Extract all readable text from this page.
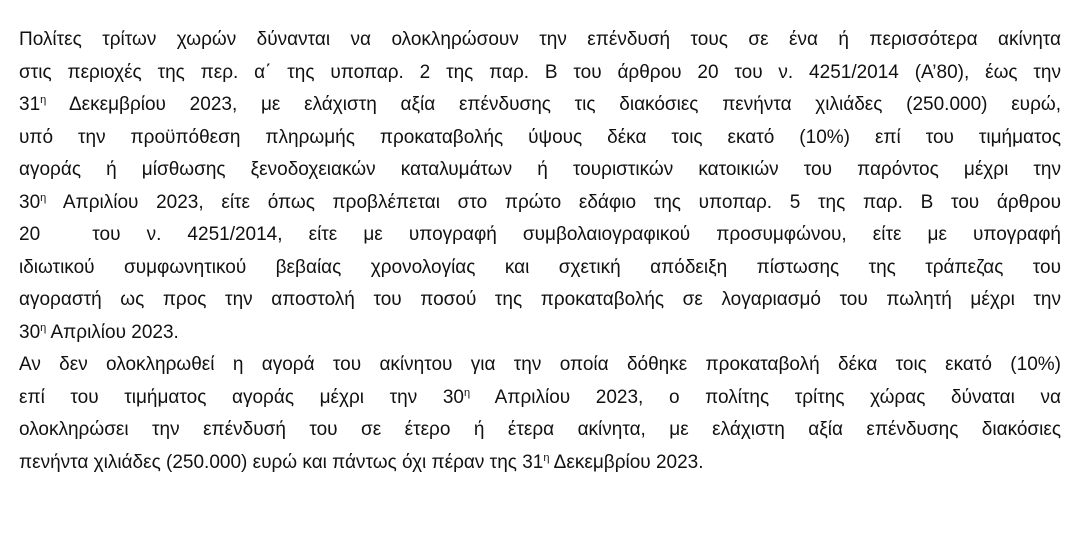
Πολίτες τρίτων χωρών δύνανται να ολοκληρώσουν την επένδυσή τους σε ένα ή περισσότερα ακίνητα
στις περιοχές της περ. α΄ της υποπαρ. 2 της παρ. Β του άρθρου 20 του ν. 4251/2014 (Α’80), έως την
$31^\eta$ Δεκεμβρίου 2023, με ελάχιστη αξία επένδυσης τις διακόσιες πενήντα χιλιάδες (250.000) ευρώ,
υπό την προϋπόθεση πληρωμής προκαταβολής ύψους δέκα τοις εκατό (10%) επί του τιμήματος
αγοράς ή μίσθωσης ξενοδοχειακών καταλυμάτων ή τουριστικών κατοικιών του παρόντος μέχρι την
$30^\eta$ Απριλίου 2023, είτε όπως προβλέπεται στο πρώτο εδάφιο της υποπαρ. 5 της παρ. Β του άρθρου
20  του ν. 4251/2014, είτε με υπογραφή συμβολαιογραφικού προσυμφώνου, είτε με υπογραφή
ιδιωτικού συμφωνητικού βεβαίας χρονολογίας και σχετική απόδειξη πίστωσης της τράπεζας του
αγοραστή ως προς την αποστολή του ποσού της προκαταβολής σε λογαριασμό του πωλητή μέχρι την
$30^\eta$ Απριλίου 2023.
Αν δεν ολοκληρωθεί η αγορά του ακίνητου για την οποία δόθηκε προκαταβολή δέκα τοις εκατό (10%)
επί του τιμήματος αγοράς μέχρι την $30^\eta$ Απριλίου 2023, ο πολίτης τρίτης χώρας δύναται να
ολοκληρώσει την επένδυσή του σε έτερο ή έτερα ακίνητα, με ελάχιστη αξία επένδυσης διακόσιες
πενήντα χιλιάδες (250.000) ευρώ και πάντως όχι πέραν της $31^\eta$ Δεκεμβρίου 2023.
